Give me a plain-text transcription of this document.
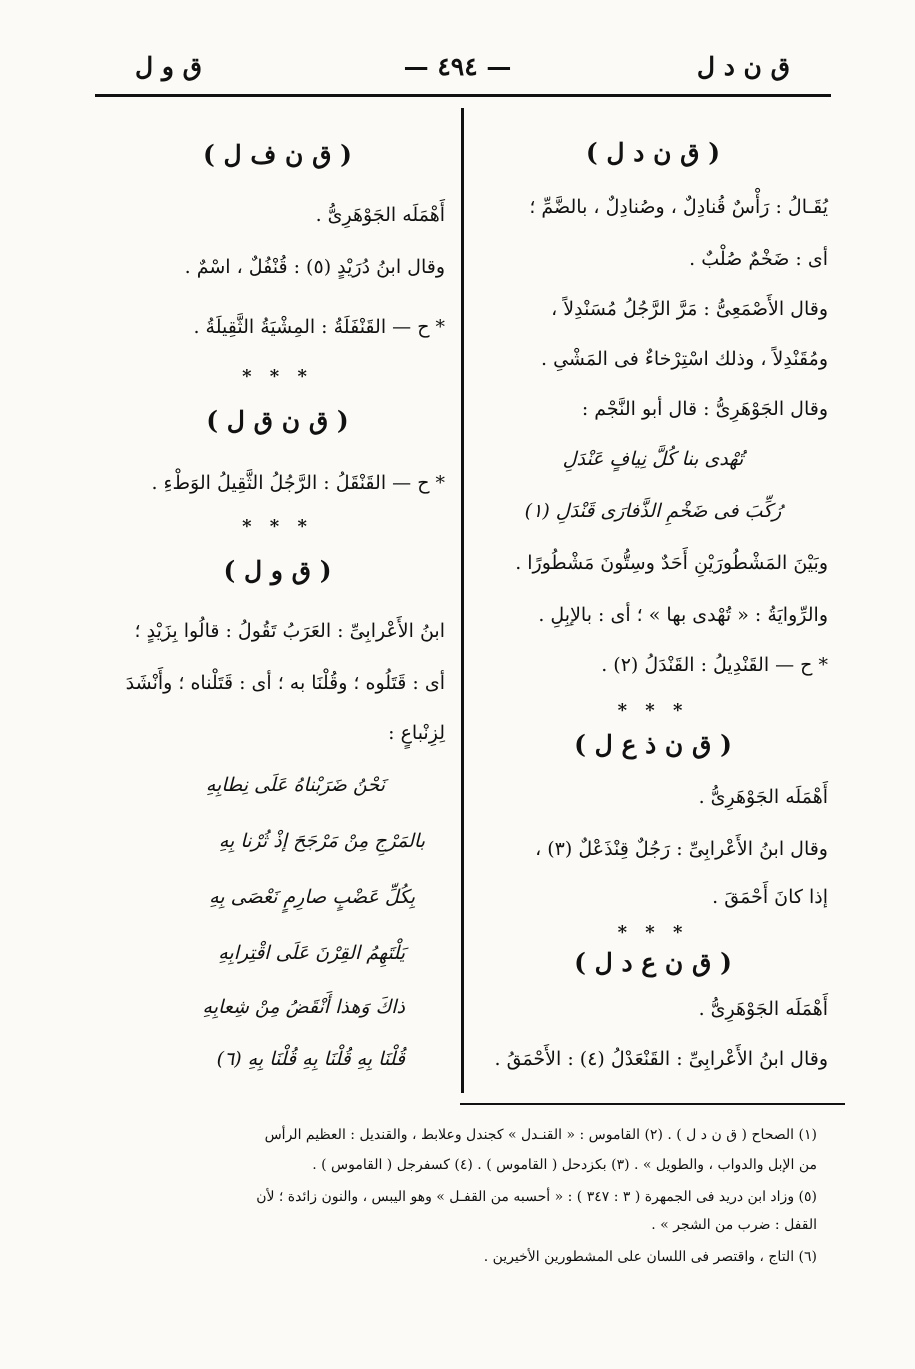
ق ن د ل
— ٤٩٤ —
ق و ل
( ق ن د ل )
يُقَـالُ : رَأْسٌ قُنادِلٌ ، وصُنادِلٌ ، بالضَّمِّ ؛
أى : ضَخْمٌ صُلْبٌ .
وقال الأَصْمَعِىُّ : مَرَّ الرَّجُلُ مُسَنْدِلاً ،
ومُقَنْدِلاً ، وذلك اسْتِرْخاءٌ فى المَشْىِ .
وقال الجَوْهَرِىُّ : قال أبو النَّجْم :
تُهْدى بنا كُلَّ نِيافٍ عَنْدَلِ
رُكِّبَ فى ضَخْمِ الذَّفارَى قَنْدَلِ (١)
وبَيْنَ المَشْطُورَيْنِ أَحَدٌ وسِتُّونَ مَشْطُورًا .
والرِّوايَةُ : « تُهْدى بها » ؛ أى : بالإبِلِ .
* ح — القَنْدِيلُ : القَنْدَلُ (٢) .
* * *
( ق ن ذ ع ل )
أَهْمَلَه الجَوْهَرِىُّ .
وقال ابنُ الأَعْرابِىِّ : رَجُلٌ قِنْذَعْلٌ (٣) ،
إذا كانَ أَحْمَقَ .
* * *
( ق ن ع د ل )
أَهْمَلَه الجَوْهَرِىُّ .
وقال ابنُ الأَعْرابِىِّ : القَنْعَدْلُ (٤) : الأَحْمَقُ .
( ق ن ف ل )
أَهْمَلَه الجَوْهَرِىُّ .
وقال ابنُ دُرَيْدٍ (٥) : قُنْفُلٌ ، اسْمٌ .
* ح — القَنْفَلَةُ : المِشْيَةُ الثَّقِيلَةُ .
* * *
( ق ن ق ل )
* ح — القَنْقَلُ : الرَّجُلُ الثَّقِيلُ الوَطْءِ .
* * *
( ق و ل )
ابنُ الأَعْرابِىِّ : العَرَبُ تَقُولُ : قالُوا بِزَيْدٍ ؛
أى : قَتَلُوه ؛ وقُلْنَا به ؛ أى : قَتَلْناه ؛ وأَنْشَدَ
لِزِنْباعٍ :
نَحْنُ ضَرَبْناهُ عَلَى نِطابِهِ
بالمَرْجِ مِنْ مَرْجَحَ إذْ ثُرْنا بِهِ
بِكُلِّ عَضْبٍ صارِمٍ نَعْصَى بِهِ
يَلْتَهِمُ القِرْنَ عَلَى اقْتِرابِهِ
ذاكَ وَهذا أَنْقَضُ مِنْ شِعابِهِ
قُلْنَا بِهِ قُلْنَا بِهِ قُلْنَا بِهِ (٦)
(١) الصحاح ( ق ن د ل ) . (٢) القاموس : « القنـدل » كجندل وعلابط ، والقنديل : العظيم الرأس
من الإبل والدواب ، والطويل » . (٣) بكزدحل ( القاموس ) . (٤) كسفرجل ( القاموس ) .
(٥) وزاد ابن دريد فى الجمهرة ( ٣ : ٣٤٧ ) : « أحسبه من القفـل » وهو اليبس ، والنون زائدة ؛ لأن
القفل : ضرب من الشجر » .
(٦) التاج ، واقتصر فى اللسان على المشطورين الأخيرين .
